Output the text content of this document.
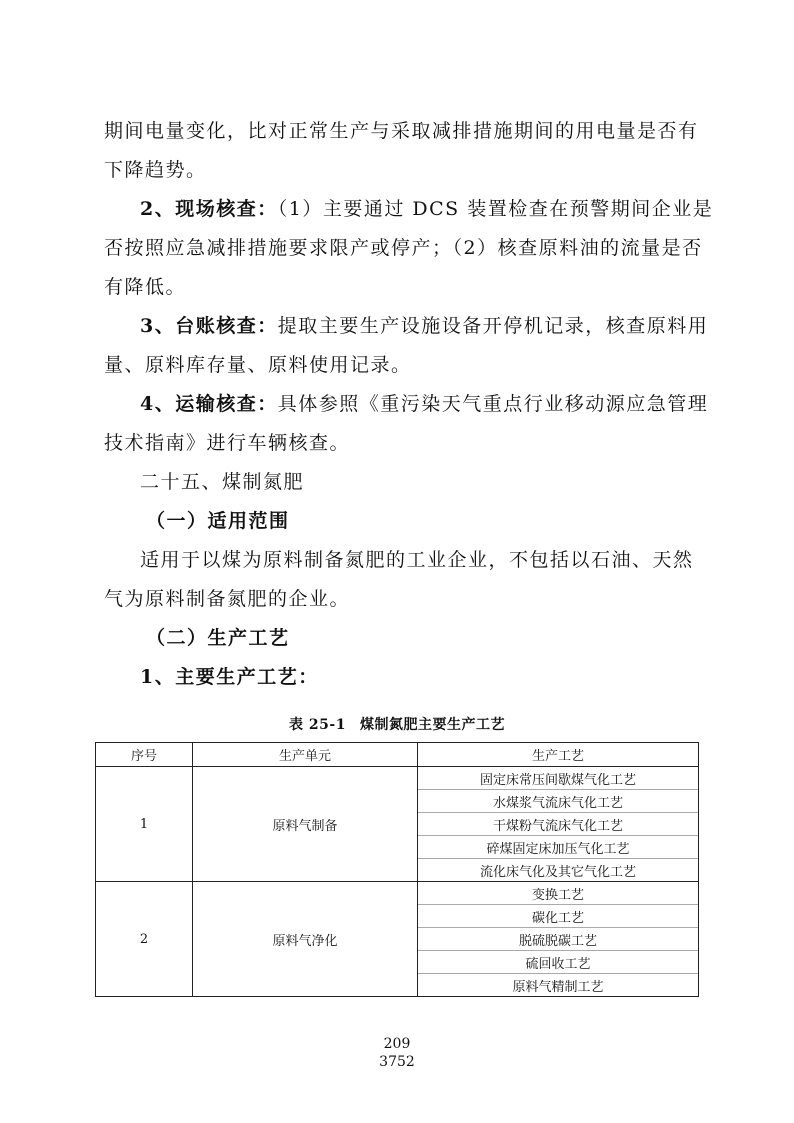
期间电量变化，比对正常生产与采取减排措施期间的用电量是否有

下降趋势。

2、现场核查：（1）主要通过 DCS 装置检查在预警期间企业是

否按照应急减排措施要求限产或停产；（2）核查原料油的流量是否

有降低。

3、台账核查：提取主要生产设施设备开停机记录，核查原料用

量、原料库存量、原料使用记录。

4、运输核查：具体参照《重污染天气重点行业移动源应急管理

技术指南》进行车辆核查。

二十五、煤制氮肥

（一）适用范围

适用于以煤为原料制备氮肥的工业企业，不包括以石油、天然

气为原料制备氮肥的企业。

（二）生产工艺

1、主要生产工艺：

表 25-1 煤制氮肥主要生产工艺
序号	生产单元	生产工艺
1	原料气制备	固定床常压间歇煤气化工艺
		水煤浆气流床气化工艺
		干煤粉气流床气化工艺
		碎煤固定床加压气化工艺
		流化床气化及其它气化工艺
2	原料气净化	变换工艺
		碳化工艺
		脱硫脱碳工艺
		硫回收工艺
		原料气精制工艺
209
3752
